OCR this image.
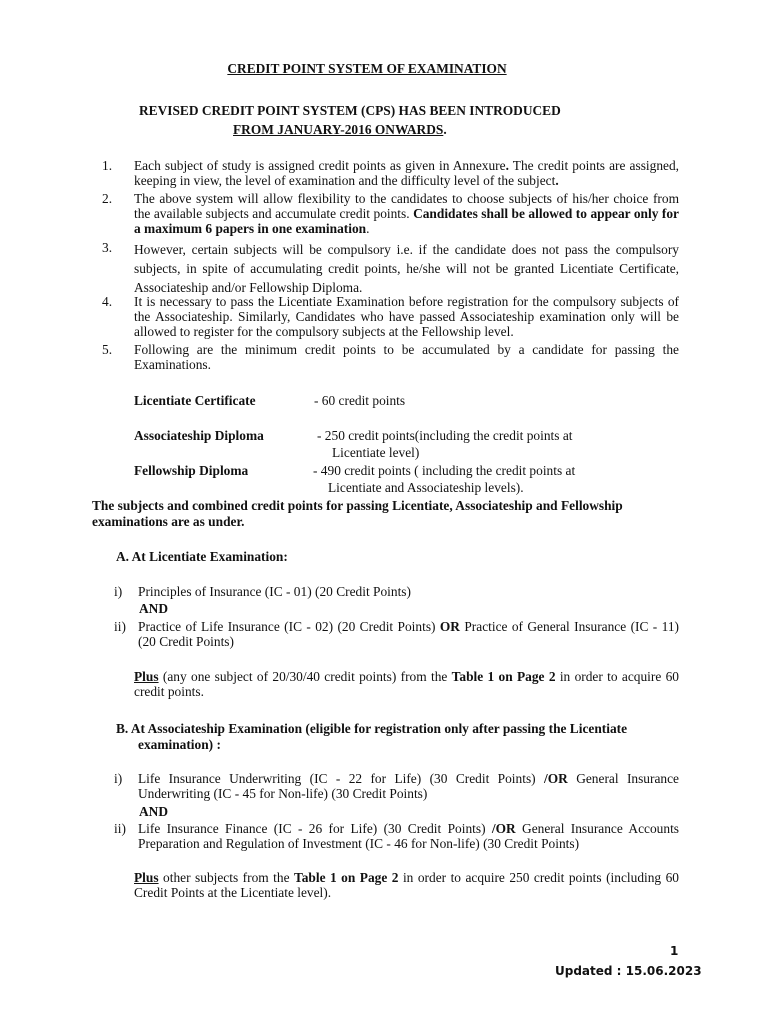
CREDIT POINT SYSTEM OF EXAMINATION
REVISED CREDIT POINT SYSTEM (CPS) HAS BEEN INTRODUCED
FROM JANUARY-2016 ONWARDS.
1.	Each subject of study is assigned credit points as given in Annexure. The credit points are assigned, keeping in view, the level of examination and the difficulty level of the subject.
2.	The above system will allow flexibility to the candidates to choose subjects of his/her choice from the available subjects and accumulate credit points. Candidates shall be allowed to appear only for a maximum 6 papers in one examination.
3.	However, certain subjects will be compulsory i.e. if the candidate does not pass the compulsory subjects, in spite of accumulating credit points, he/she will not be granted Licentiate Certificate, Associateship and/or Fellowship Diploma.
4.	It is necessary to pass the Licentiate Examination before registration for the compulsory subjects of the Associateship. Similarly, Candidates who have passed Associateship examination only will be allowed to register for the compulsory subjects at the Fellowship level.
5.	Following are the minimum credit points to be accumulated by a candidate for passing the Examinations.
Licentiate Certificate	- 60 credit points
Associateship Diploma	- 250 credit points(including the credit points at
Licentiate level)
Fellowship Diploma	- 490 credit points ( including the credit points at
Licentiate and Associateship levels).
The subjects and combined credit points for passing Licentiate, Associateship and Fellowship examinations are as under.
A. At Licentiate Examination:
i) Principles of Insurance (IC - 01) (20 Credit Points)
AND
ii) Practice of Life Insurance (IC - 02) (20 Credit Points) OR Practice of General Insurance (IC - 11)(20 Credit Points)
Plus (any one subject of 20/30/40 credit points) from the Table 1 on Page 2 in order to acquire 60 credit points.
B. At Associateship Examination (eligible for registration only after passing the Licentiate examination) :
i) Life Insurance Underwriting (IC - 22 for Life) (30 Credit Points) /OR General Insurance Underwriting (IC - 45 for Non-life) (30 Credit Points)
AND
ii) Life Insurance Finance (IC - 26 for Life) (30 Credit Points) /OR General Insurance Accounts Preparation and Regulation of Investment (IC - 46 for Non-life) (30 Credit Points)
Plus other subjects from the Table 1 on Page 2 in order to acquire 250 credit points (including 60 Credit Points at the Licentiate level).
1
Updated : 15.06.2023
